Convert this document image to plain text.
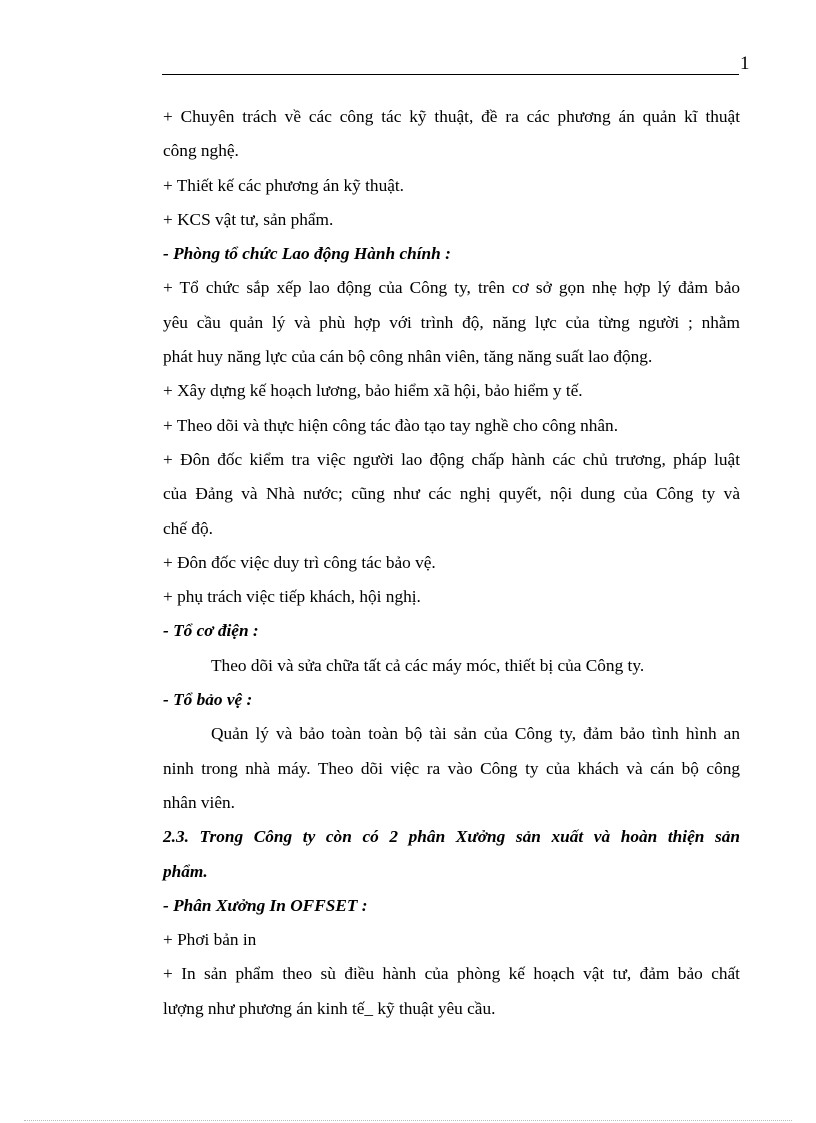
1
+ Chuyên trách về các công tác kỹ thuật, đề ra các phương án quản kĩ thuật
công nghệ.
+ Thiết kế các phương án kỹ thuật.
+ KCS vật tư, sản phẩm.
- Phòng tổ chức Lao động Hành chính :
+ Tổ chức sắp xếp lao động của Công ty, trên cơ sở gọn nhẹ hợp lý đảm bảo
yêu cầu quản lý và phù hợp với trình độ, năng lực của từng người ; nhằm
phát huy năng lực của cán bộ công nhân viên, tăng năng suất lao động.
+ Xây dựng kế hoạch lương, bảo hiểm xã hội, bảo hiểm y tế.
+ Theo dõi và thực hiện công tác đào tạo tay nghề cho công nhân.
+ Đôn đốc kiểm tra việc người lao động chấp hành các chủ trương, pháp luật
của Đảng và Nhà nước; cũng như các nghị quyết, nội dung của Công ty và
chế độ.
+ Đôn đốc việc duy trì công tác bảo vệ.
+ phụ trách việc tiếp khách, hội nghị.
- Tổ cơ điện :
Theo dõi và sửa chữa tất cả các máy móc, thiết bị của Công ty.
- Tổ bảo vệ :
Quản lý và bảo toàn toàn bộ tài sản của Công ty, đảm bảo tình hình an
ninh trong nhà máy. Theo dõi việc ra vào Công ty của khách và cán bộ công
nhân viên.
2.3. Trong Công ty còn có 2 phân Xưởng sản xuất và hoàn thiện sản
phẩm.
- Phân Xưởng In OFFSET :
+ Phơi bản in
+ In sản phẩm theo sù điều hành của phòng kế hoạch vật tư, đảm bảo chất
lượng như phương án kinh tế_ kỹ thuật yêu cầu.
